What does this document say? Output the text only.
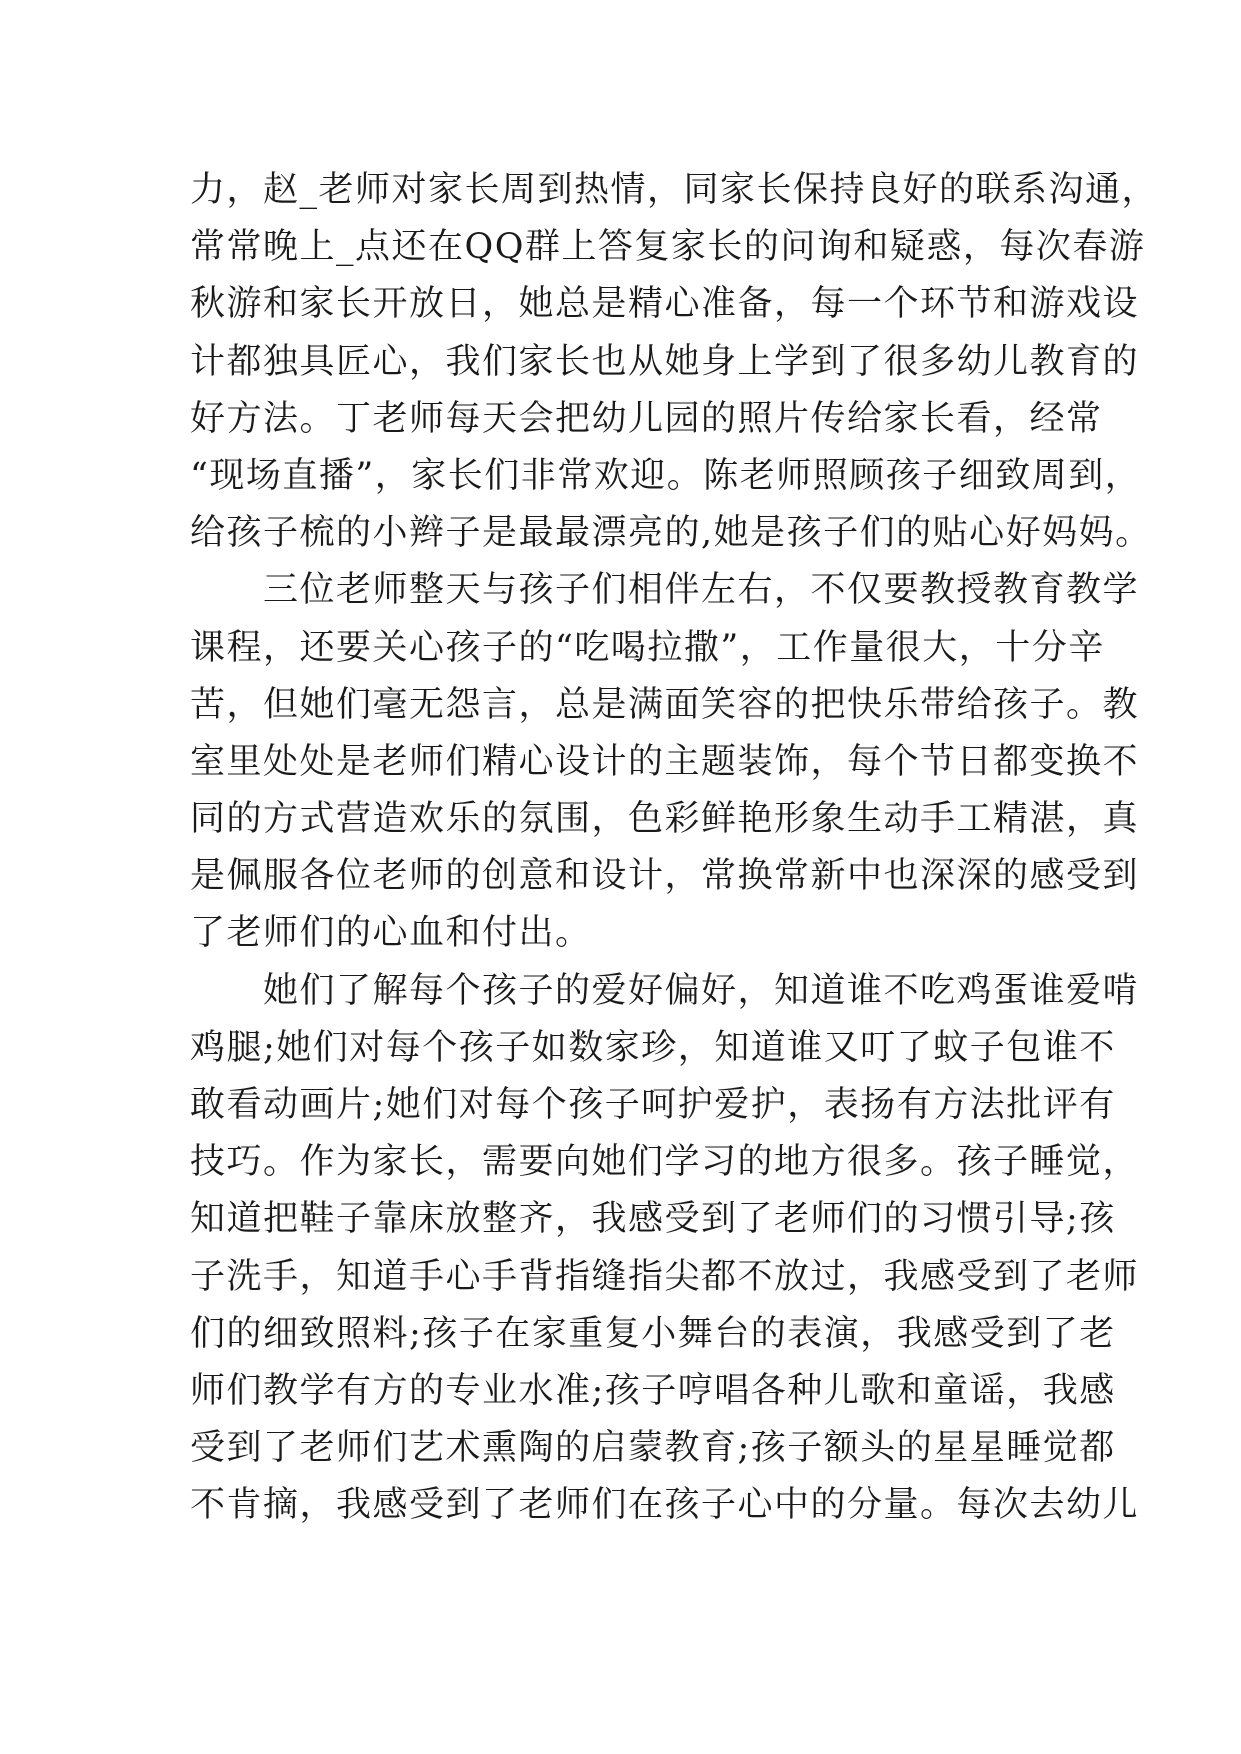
力，赵_老师对家长周到热情，同家长保持良好的联系沟通，
常常晚上_点还在QQ群上答复家长的问询和疑惑，每次春游
秋游和家长开放日，她总是精心准备，每一个环节和游戏设
计都独具匠心，我们家长也从她身上学到了很多幼儿教育的
好方法。丁老师每天会把幼儿园的照片传给家长看，经常
“现场直播”，家长们非常欢迎。陈老师照顾孩子细致周到，
给孩子梳的小辫子是最最漂亮的,她是孩子们的贴心好妈妈。
　　三位老师整天与孩子们相伴左右，不仅要教授教育教学
课程，还要关心孩子的“吃喝拉撒”，工作量很大，十分辛
苦，但她们毫无怨言，总是满面笑容的把快乐带给孩子。教
室里处处是老师们精心设计的主题装饰，每个节日都变换不
同的方式营造欢乐的氛围，色彩鲜艳形象生动手工精湛，真
是佩服各位老师的创意和设计，常换常新中也深深的感受到
了老师们的心血和付出。
　　她们了解每个孩子的爱好偏好，知道谁不吃鸡蛋谁爱啃
鸡腿;她们对每个孩子如数家珍，知道谁又叮了蚊子包谁不
敢看动画片;她们对每个孩子呵护爱护，表扬有方法批评有
技巧。作为家长，需要向她们学习的地方很多。孩子睡觉，
知道把鞋子靠床放整齐，我感受到了老师们的习惯引导;孩
子洗手，知道手心手背指缝指尖都不放过，我感受到了老师
们的细致照料;孩子在家重复小舞台的表演，我感受到了老
师们教学有方的专业水准;孩子哼唱各种儿歌和童谣，我感
受到了老师们艺术熏陶的启蒙教育;孩子额头的星星睡觉都
不肯摘，我感受到了老师们在孩子心中的分量。每次去幼儿
